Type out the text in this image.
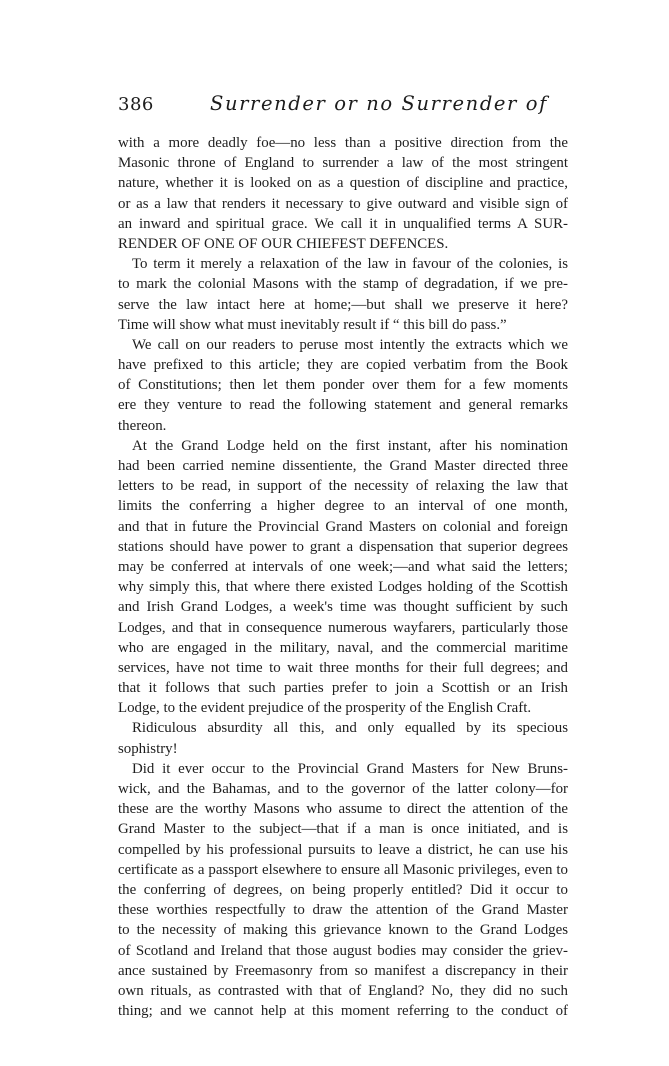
386	Surrender or no Surrender of
with a more deadly foe—no less than a positive direction from the
Masonic throne of England to surrender a law of the most stringent
nature, whether it is looked on as a question of discipline and practice,
or as a law that renders it necessary to give outward and visible sign of
an inward and spiritual grace. We call it in unqualified terms A SUR-
RENDER OF ONE OF OUR CHIEFEST DEFENCES.
To term it merely a relaxation of the law in favour of the colonies, is
to mark the colonial Masons with the stamp of degradation, if we pre-
serve the law intact here at home;—but shall we preserve it here?
Time will show what must inevitably result if “ this bill do pass.”
We call on our readers to peruse most intently the extracts which we
have prefixed to this article; they are copied verbatim from the Book
of Constitutions; then let them ponder over them for a few moments
ere they venture to read the following statement and general remarks
thereon.
At the Grand Lodge held on the first instant, after his nomination
had been carried nemine dissentiente, the Grand Master directed three
letters to be read, in support of the necessity of relaxing the law that
limits the conferring a higher degree to an interval of one month,
and that in future the Provincial Grand Masters on colonial and foreign
stations should have power to grant a dispensation that superior degrees
may be conferred at intervals of one week;—and what said the letters;
why simply this, that where there existed Lodges holding of the Scottish
and Irish Grand Lodges, a week's time was thought sufficient by such
Lodges, and that in consequence numerous wayfarers, particularly those
who are engaged in the military, naval, and the commercial maritime
services, have not time to wait three months for their full degrees; and
that it follows that such parties prefer to join a Scottish or an Irish
Lodge, to the evident prejudice of the prosperity of the English Craft.
Ridiculous absurdity all this, and only equalled by its specious
sophistry!
Did it ever occur to the Provincial Grand Masters for New Bruns-
wick, and the Bahamas, and to the governor of the latter colony—for
these are the worthy Masons who assume to direct the attention of the
Grand Master to the subject—that if a man is once initiated, and is
compelled by his professional pursuits to leave a district, he can use his
certificate as a passport elsewhere to ensure all Masonic privileges, even to
the conferring of degrees, on being properly entitled? Did it occur to
these worthies respectfully to draw the attention of the Grand Master
to the necessity of making this grievance known to the Grand Lodges
of Scotland and Ireland that those august bodies may consider the griev-
ance sustained by Freemasonry from so manifest a discrepancy in their
own rituals, as contrasted with that of England? No, they did no such
thing; and we cannot help at this moment referring to the conduct of
